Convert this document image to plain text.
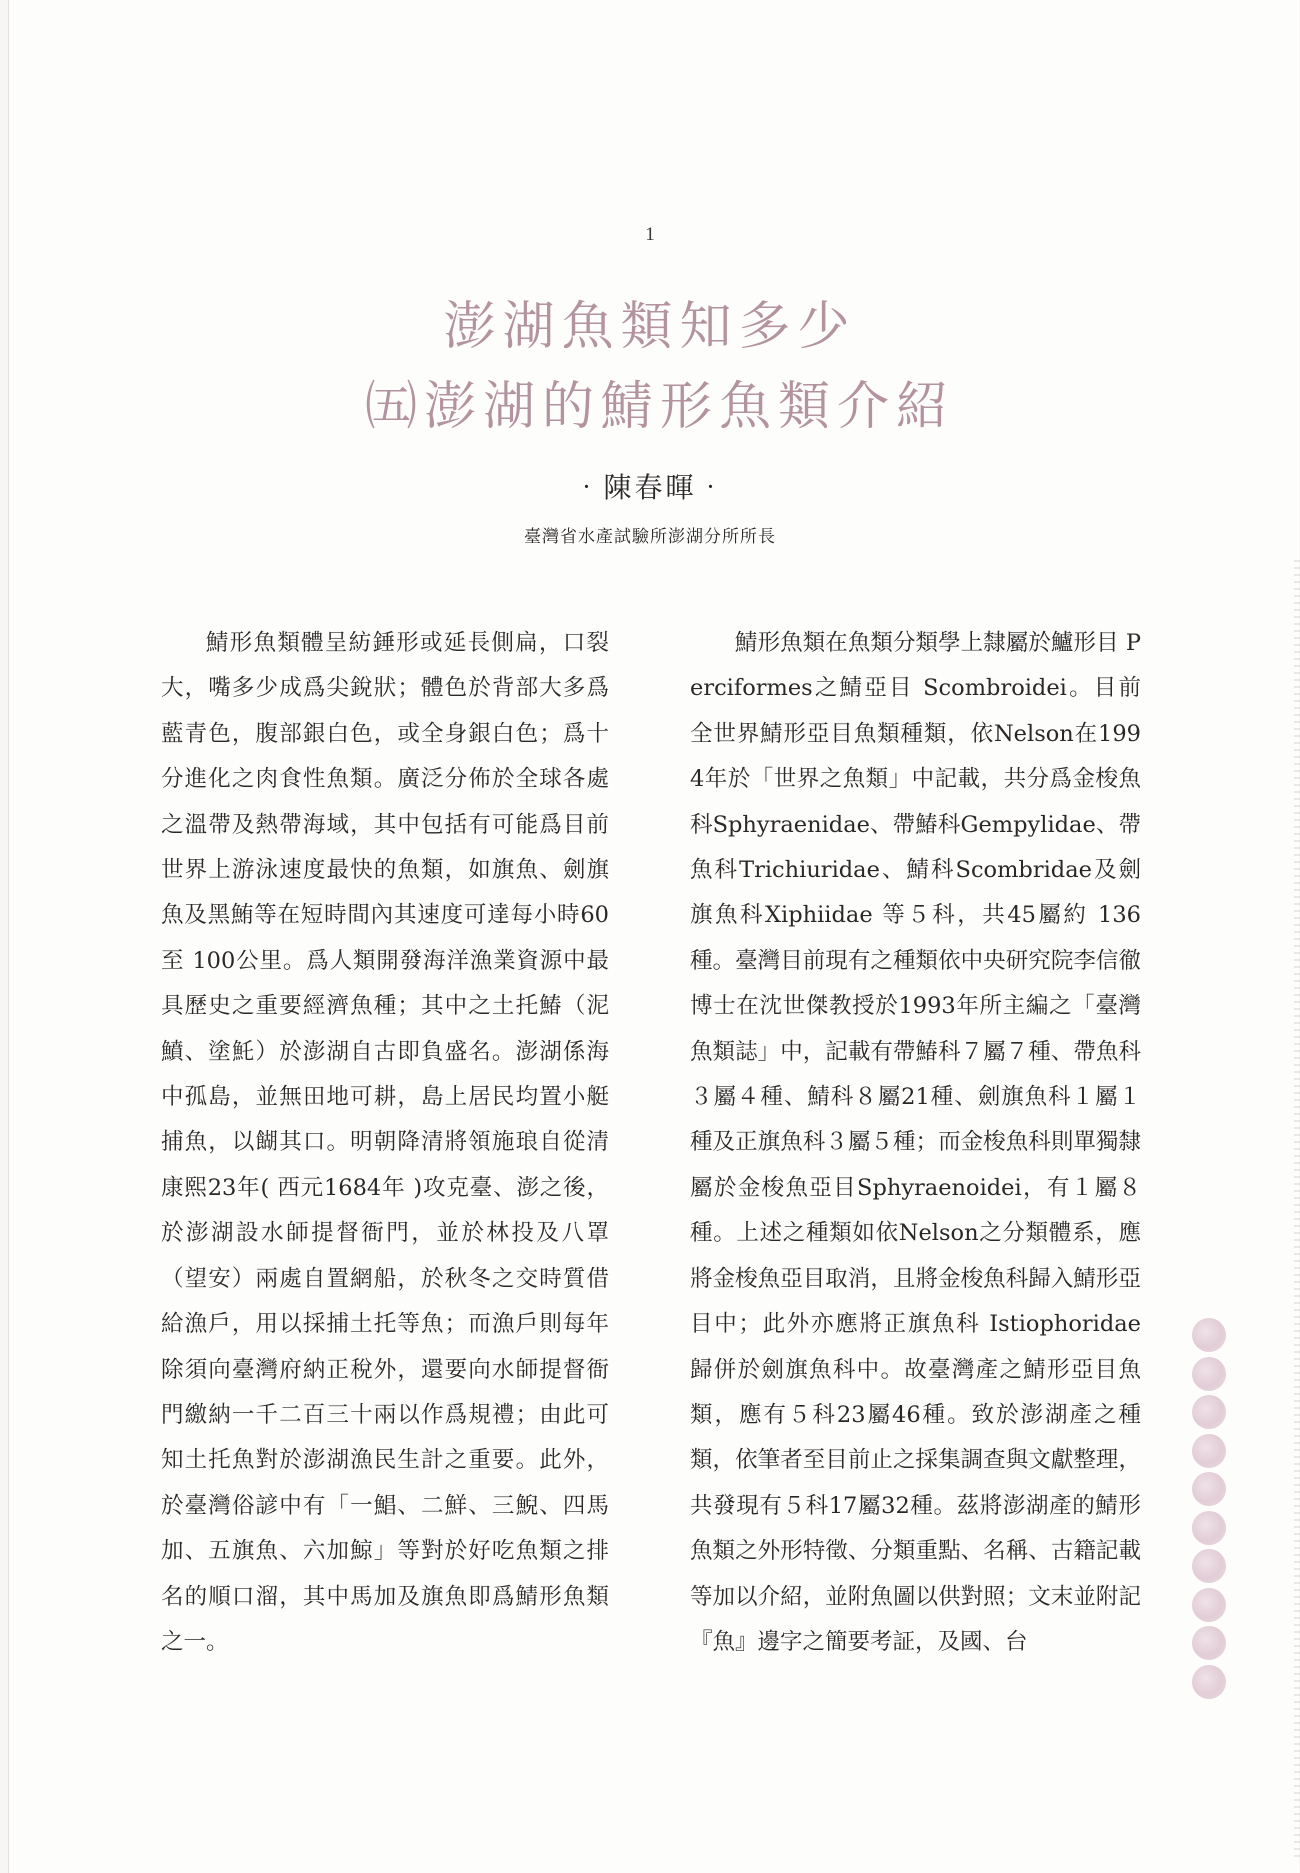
1
澎湖魚類知多少
㈤澎湖的鯖形魚類介紹
‧陳春暉‧
臺灣省水產試驗所澎湖分所所長

鯖形魚類體呈紡錘形或延長側扁，口裂大，嘴多少成爲尖銳狀；體色於背部大多爲藍青色，腹部銀白色，或全身銀白色；爲十分進化之肉食性魚類。廣泛分佈於全球各處之溫帶及熱帶海域，其中包括有可能爲目前世界上游泳速度最快的魚類，如旗魚、劍旗魚及黑鮪等在短時間內其速度可達每小時60至 100公里。爲人類開發海洋漁業資源中最具歷史之重要經濟魚種；其中之土托鰆（泥鱝、塗魠）於澎湖自古即負盛名。澎湖係海中孤島，並無田地可耕，島上居民均置小艇捕魚，以餬其口。明朝降清將領施琅自從清康熙23年( 西元1684年 )攻克臺、澎之後，於澎湖設水師提督衙門，並於林投及八罩（望安）兩處自置網船，於秋冬之交時質借給漁戶，用以採捕土托等魚；而漁戶則每年除須向臺灣府納正稅外，還要向水師提督衙門繳納一千二百三十兩以作爲規禮；由此可知土托魚對於澎湖漁民生計之重要。此外，於臺灣俗諺中有「一鯧、二鮮、三鯢、四馬加、五旗魚、六加鯨」等對於好吃魚類之排名的順口溜，其中馬加及旗魚即爲鯖形魚類之一。

鯖形魚類在魚類分類學上隸屬於鱸形目 Perciformes之鯖亞目 Scombroidei。目前全世界鯖形亞目魚類種類，依Nelson在1994年於「世界之魚類」中記載，共分爲金梭魚科Sphyraenidae、帶鰆科Gempylidae、帶魚科Trichiuridae、鯖科Scombridae及劍旗魚科Xiphiidae 等５科，共45屬約 136種。臺灣目前現有之種類依中央研究院李信徹博士在沈世傑教授於1993年所主編之「臺灣魚類誌」中，記載有帶鰆科７屬７種、帶魚科３屬４種、鯖科８屬21種、劍旗魚科１屬１種及正旗魚科３屬５種；而金梭魚科則單獨隸屬於金梭魚亞目Sphyraenoidei，有１屬８種。上述之種類如依Nelson之分類體系，應將金梭魚亞目取消，且將金梭魚科歸入鯖形亞目中；此外亦應將正旗魚科 Istiophoridae歸併於劍旗魚科中。故臺灣產之鯖形亞目魚類，應有５科23屬46種。致於澎湖產之種類，依筆者至目前止之採集調查與文獻整理，共發現有５科17屬32種。茲將澎湖產的鯖形魚類之外形特徵、分類重點、名稱、古籍記載等加以介紹，並附魚圖以供對照；文末並附記『魚』邊字之簡要考証，及國、台
